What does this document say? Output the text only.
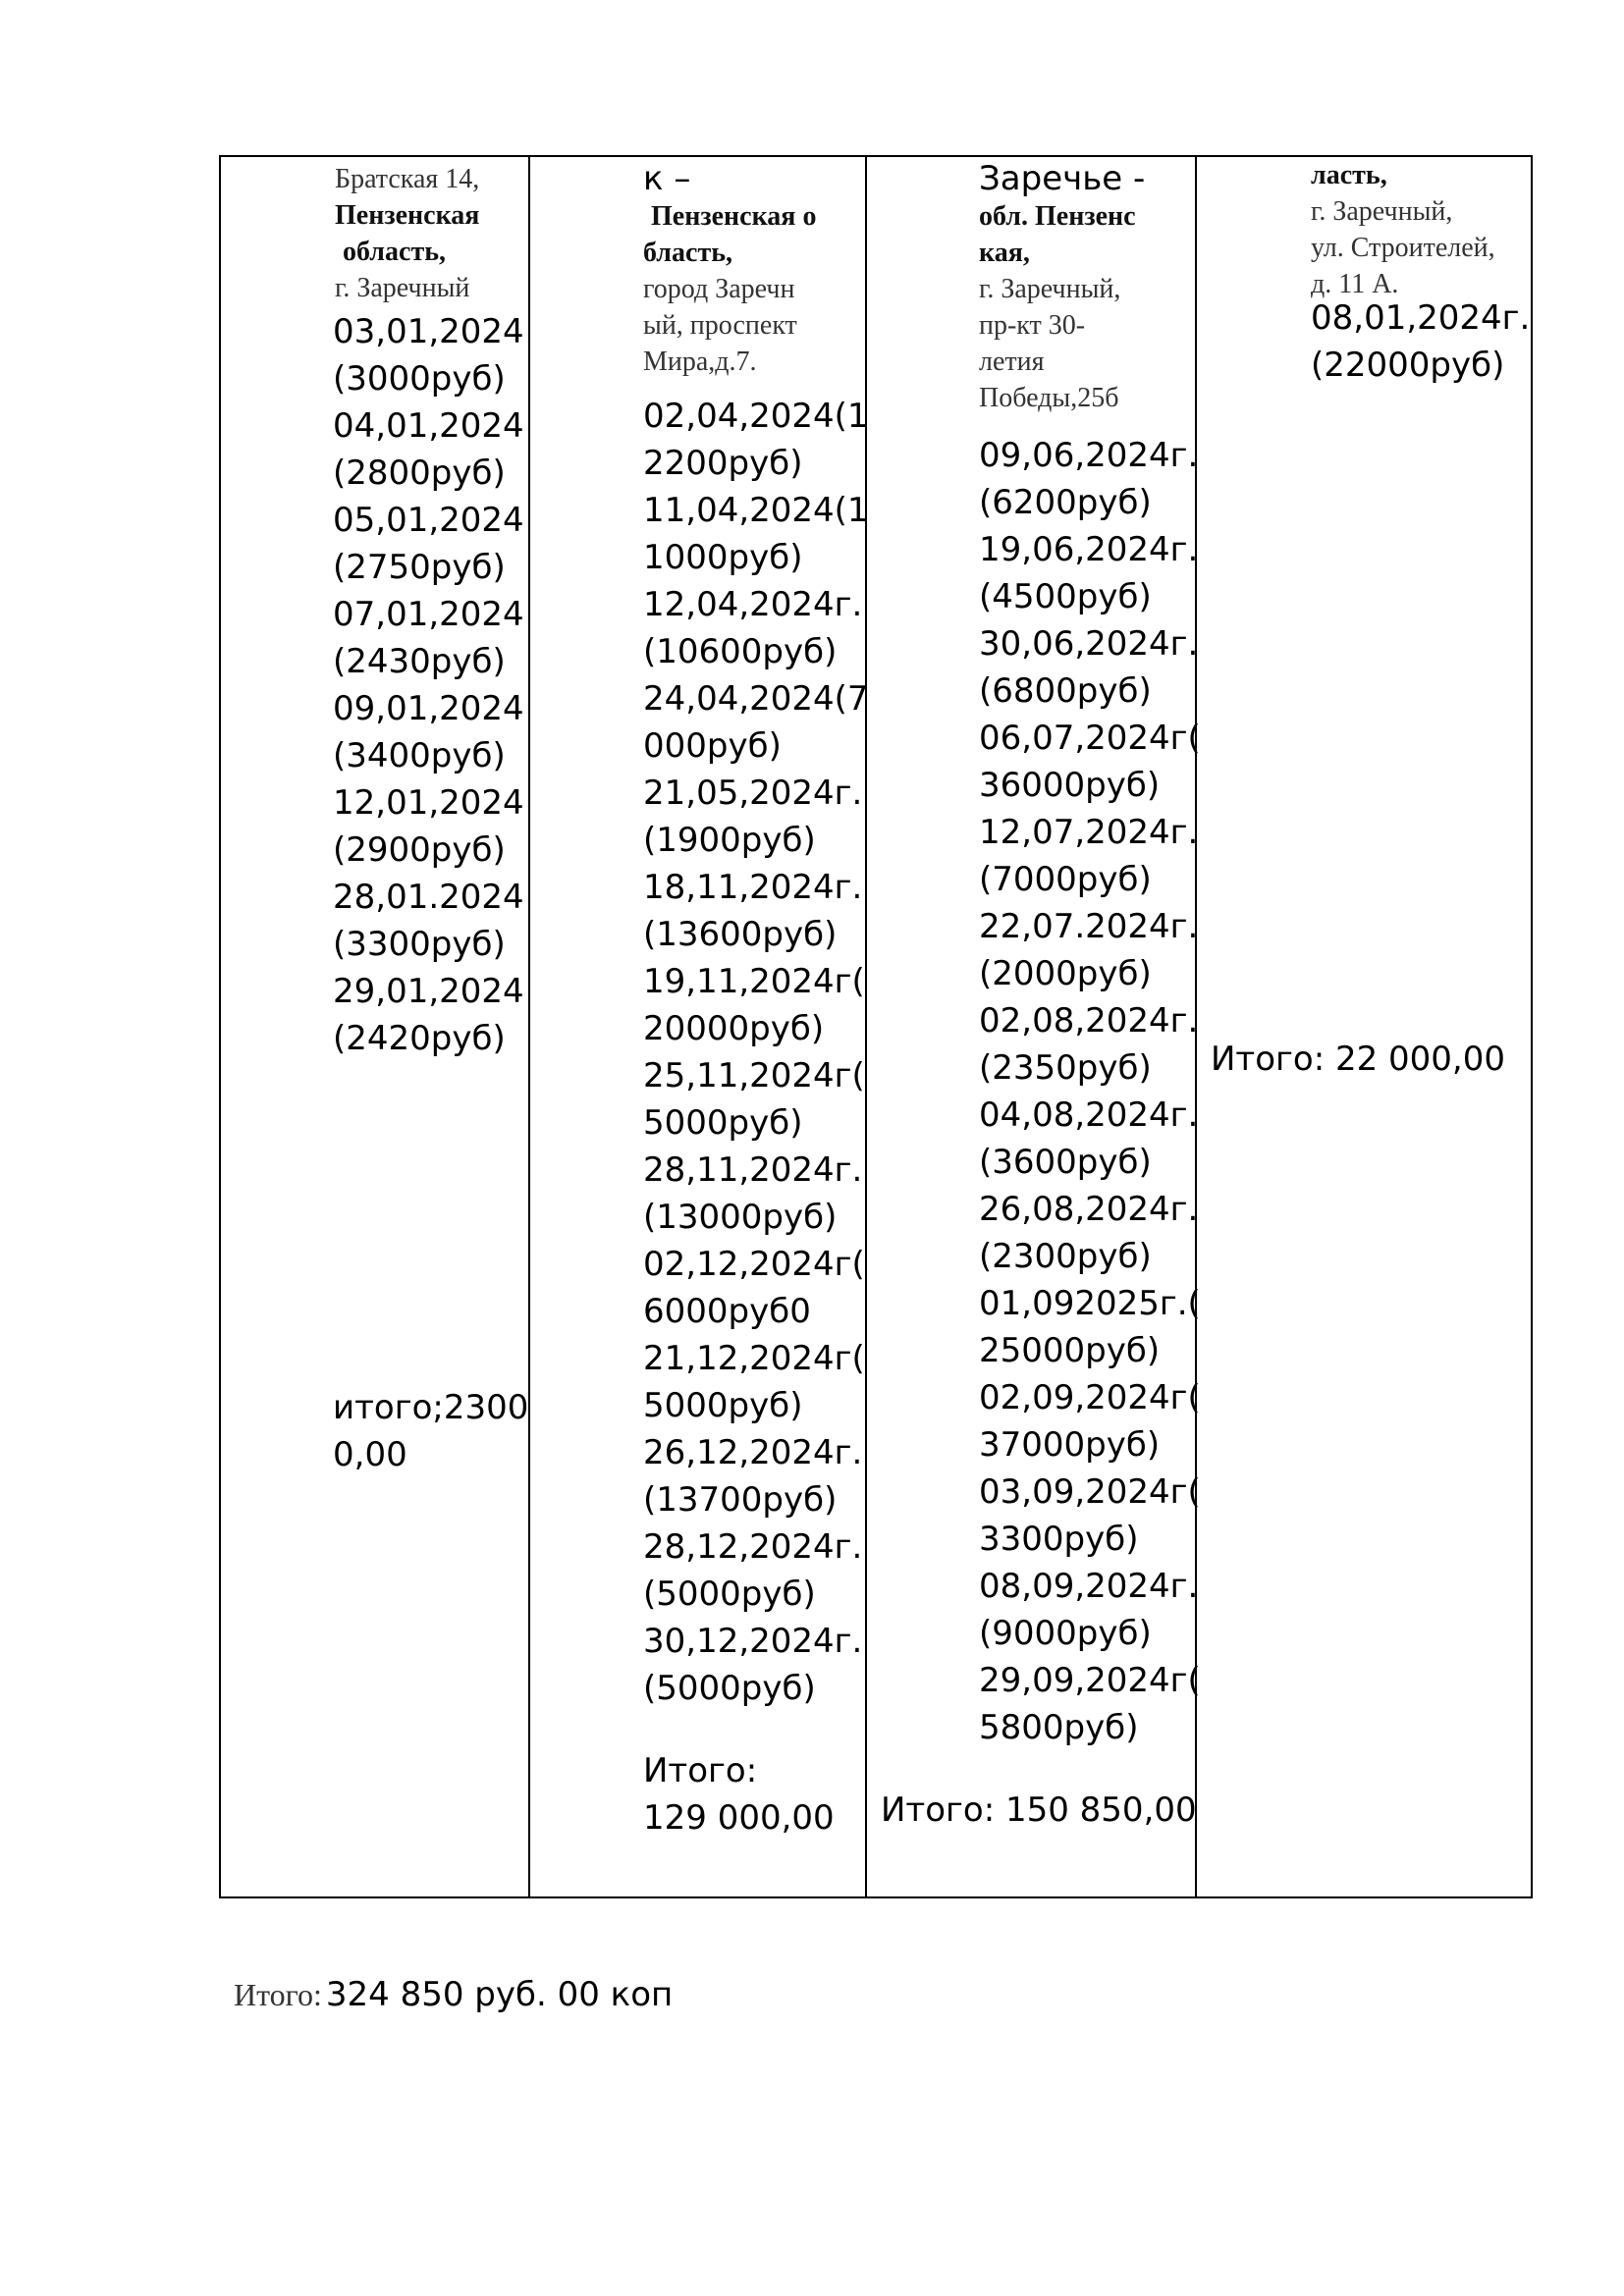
Братская 14,
Пензенская
область,
г. Заречный
03,01,2024
(3000руб)
04,01,2024
(2800руб)
05,01,2024
(2750руб)
07,01,2024
(2430руб)
09,01,2024
(3400руб)
12,01,2024
(2900руб)
28,01.2024
(3300руб)
29,01,2024
(2420руб)
итого;2300
0,00
к –
Пензенская о
бласть,
город Заречн
ый, проспект
Мира,д.7.
02,04,2024(1
2200руб)
11,04,2024(1
1000руб)
12,04,2024г.
(10600руб)
24,04,2024(7
000руб)
21,05,2024г.
(1900руб)
18,11,2024г.
(13600руб)
19,11,2024г(
20000руб)
25,11,2024г(
5000руб)
28,11,2024г.
(13000руб)
02,12,2024г(
6000руб0
21,12,2024г(
5000руб)
26,12,2024г.
(13700руб)
28,12,2024г.
(5000руб)
30,12,2024г.
(5000руб)
Итого:
129 000,00
Заречье -
обл. Пензенс
кая,
г. Заречный,
пр-кт 30-
летия
Победы,25б
09,06,2024г.
(6200руб)
19,06,2024г.
(4500руб)
30,06,2024г.
(6800руб)
06,07,2024г(
36000руб)
12,07,2024г.
(7000руб)
22,07.2024г.
(2000руб)
02,08,2024г.
(2350руб)
04,08,2024г.
(3600руб)
26,08,2024г.
(2300руб)
01,092025г.(
25000руб)
02,09,2024г(
37000руб)
03,09,2024г(
3300руб)
08,09,2024г.
(9000руб)
29,09,2024г(
5800руб)
Итого: 150 850,00
ласть,
г. Заречный,
ул. Строителей,
д. 11 А.
08,01,2024г.
(22000руб)
Итого: 22 000,00
Итого: 324 850 руб. 00 коп
